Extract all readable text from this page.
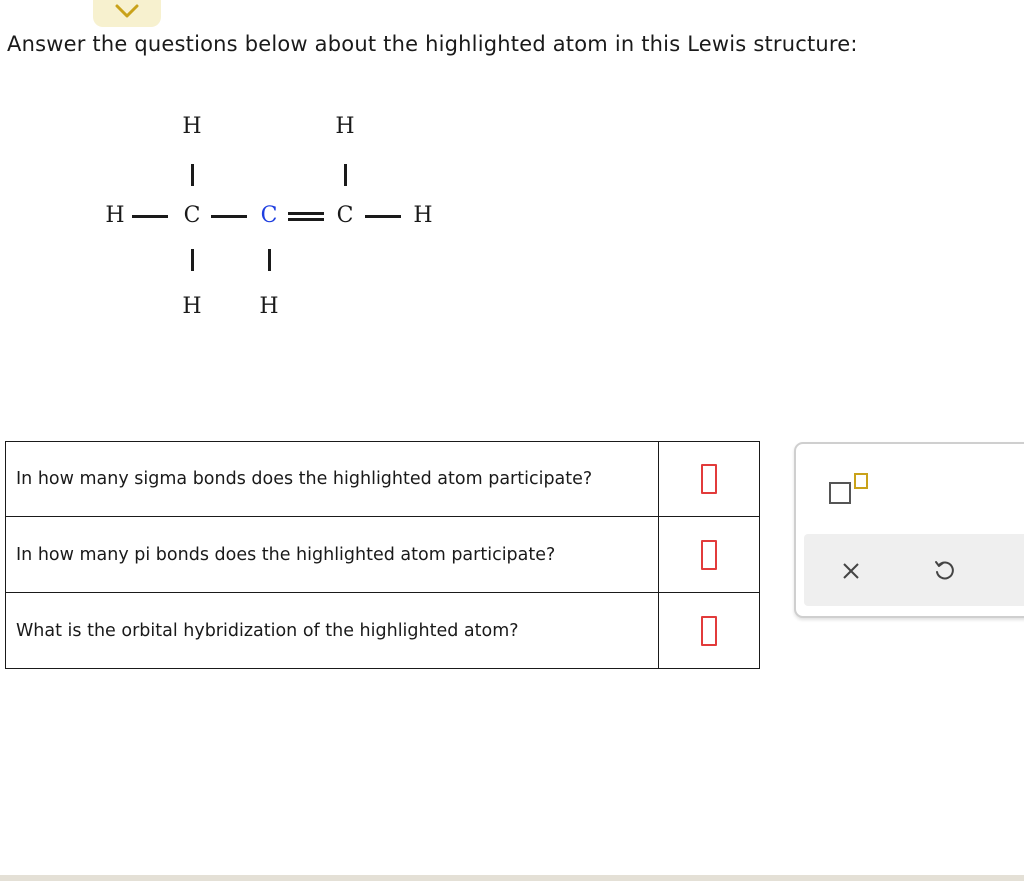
Answer the questions below about the highlighted atom in this Lewis structure:
H	H
H	C	C	C	H
H	H
In how many sigma bonds does the highlighted atom participate?	
In how many pi bonds does the highlighted atom participate?	
What is the orbital hybridization of the highlighted atom?	
